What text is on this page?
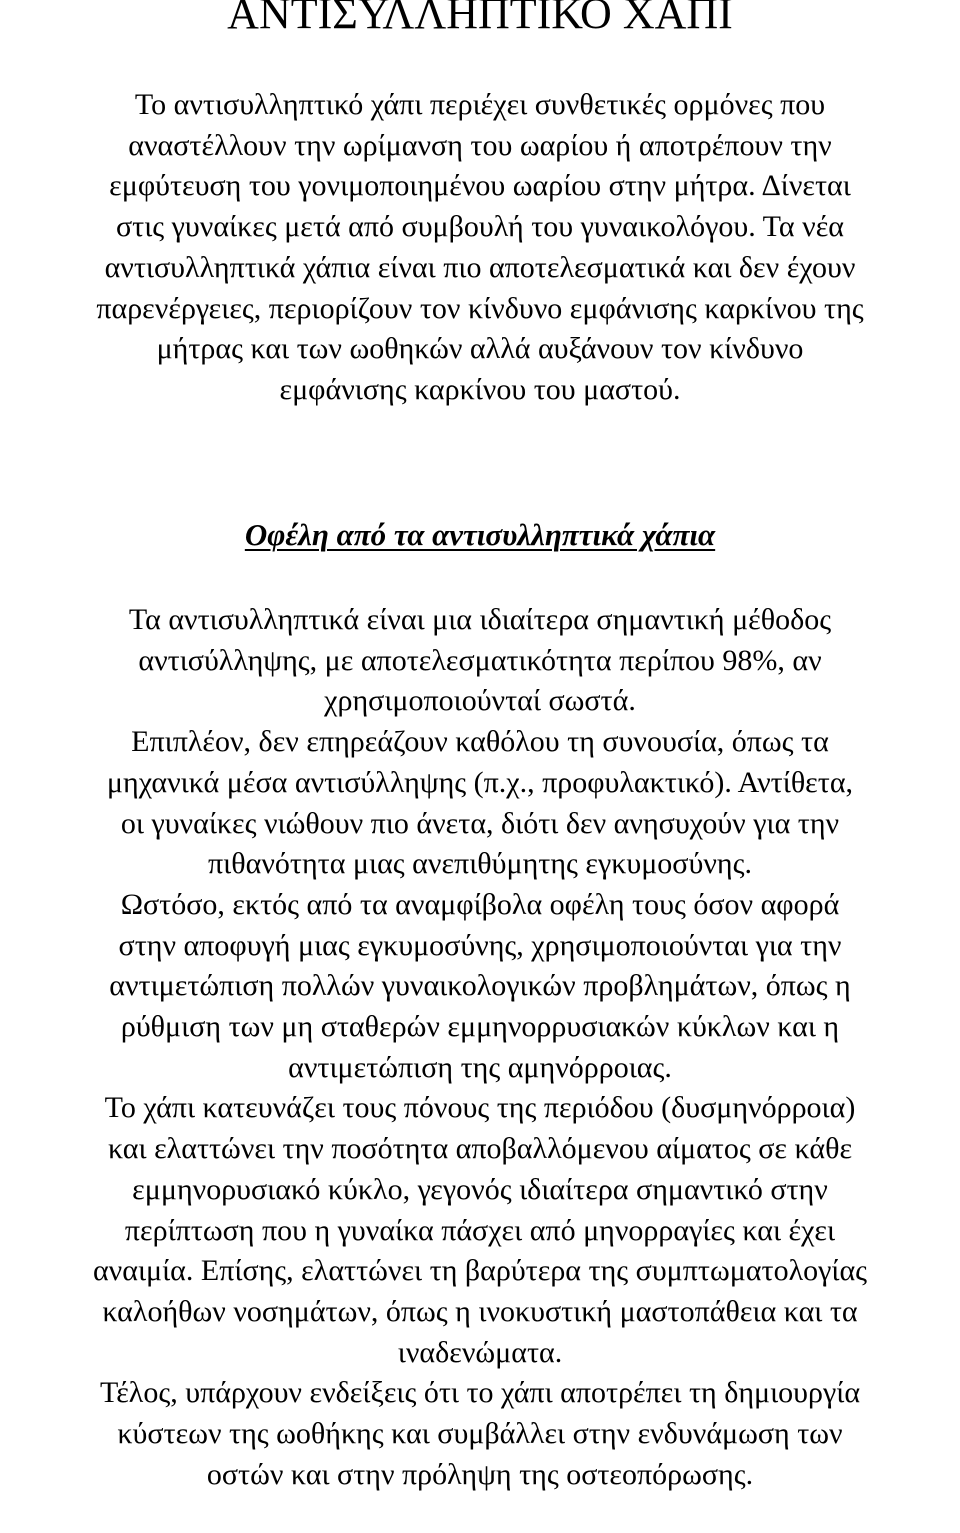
ΑΝΤΙΣΥΛΛΗΠΤΙΚΟ ΧΑΠΙ
Το αντισυλληπτικό χάπι περιέχει συνθετικές ορμόνες που
αναστέλλουν την ωρίμανση του ωαρίου ή αποτρέπουν την
εμφύτευση του γονιμοποιημένου ωαρίου στην μήτρα. Δίνεται
στις γυναίκες μετά από συμβουλή του γυναικολόγου. Τα νέα
αντισυλληπτικά χάπια είναι πιο αποτελεσματικά και δεν έχουν
παρενέργειες, περιορίζουν τον κίνδυνο εμφάνισης καρκίνου της
μήτρας και των ωοθηκών αλλά αυξάνουν τον κίνδυνο
εμφάνισης καρκίνου του μαστού.
Οφέλη από τα αντισυλληπτικά χάπια
Τα αντισυλληπτικά είναι μια ιδιαίτερα σημαντική μέθοδος
αντισύλληψης, με αποτελεσματικότητα περίπου 98%, αν
χρησιμοποιούνταί σωστά.
Επιπλέον, δεν επηρεάζουν καθόλου τη συνουσία, όπως τα
μηχανικά μέσα αντισύλληψης (π.χ., προφυλακτικό). Αντίθετα,
οι γυναίκες νιώθουν πιο άνετα, διότι δεν ανησυχούν για την
πιθανότητα μιας ανεπιθύμητης εγκυμοσύνης.
Ωστόσο, εκτός από τα αναμφίβολα οφέλη τους όσον αφορά
στην αποφυγή μιας εγκυμοσύνης, χρησιμοποιούνται για την
αντιμετώπιση πολλών γυναικολογικών προβλημάτων, όπως η
ρύθμιση των μη σταθερών εμμηνορρυσιακών κύκλων και η
αντιμετώπιση της αμηνόρροιας.
Το χάπι κατευνάζει τους πόνους της περιόδου (δυσμηνόρροια)
και ελαττώνει την ποσότητα αποβαλλόμενου αίματος σε κάθε
εμμηνορυσιακό κύκλο, γεγονός ιδιαίτερα σημαντικό στην
περίπτωση που η γυναίκα πάσχει από μηνορραγίες και έχει
αναιμία. Επίσης, ελαττώνει τη βαρύτερα της συμπτωματολογίας
καλοήθων νοσημάτων, όπως η ινοκυστική μαστοπάθεια και τα
ιναδενώματα.
Τέλος, υπάρχουν ενδείξεις ότι το χάπι αποτρέπει τη δημιουργία
κύστεων της ωοθήκης και συμβάλλει στην ενδυνάμωση των
οστών και στην πρόληψη της οστεοπόρωσης.
